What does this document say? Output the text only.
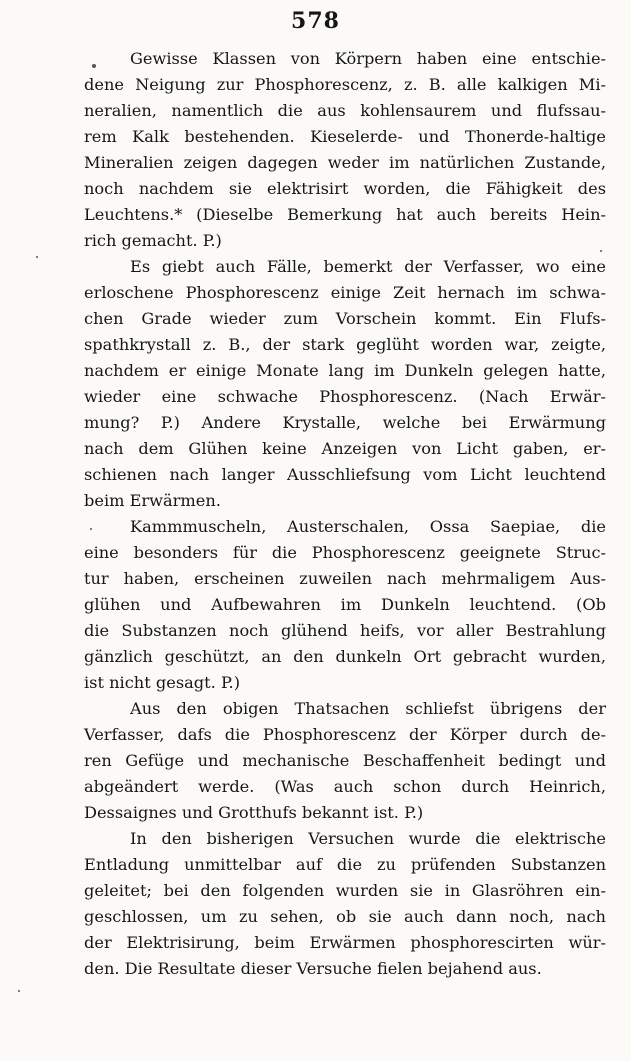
578
Gewisse Klassen von Körpern haben eine entschie-
dene Neigung zur Phosphorescenz, z. B. alle kalkigen Mi-
neralien, namentlich die aus kohlensaurem und flufssau-
rem Kalk bestehenden. Kieselerde- und Thonerde-haltige
Mineralien zeigen dagegen weder im natürlichen Zustande,
noch nachdem sie elektrisirt worden, die Fähigkeit des
Leuchtens.* (Dieselbe Bemerkung hat auch bereits Hein-
rich gemacht. P.)
Es giebt auch Fälle, bemerkt der Verfasser, wo eine
erloschene Phosphorescenz einige Zeit hernach im schwa-
chen Grade wieder zum Vorschein kommt. Ein Flufs-
spathkrystall z. B., der stark geglüht worden war, zeigte,
nachdem er einige Monate lang im Dunkeln gelegen hatte,
wieder eine schwache Phosphorescenz. (Nach Erwär-
mung? P.) Andere Krystalle, welche bei Erwärmung
nach dem Glühen keine Anzeigen von Licht gaben, er-
schienen nach langer Ausschliefsung vom Licht leuchtend
beim Erwärmen.
Kammmuscheln, Austerschalen, Ossa Saepiae, die
eine besonders für die Phosphorescenz geeignete Struc-
tur haben, erscheinen zuweilen nach mehrmaligem Aus-
glühen und Aufbewahren im Dunkeln leuchtend. (Ob
die Substanzen noch glühend heifs, vor aller Bestrahlung
gänzlich geschützt, an den dunkeln Ort gebracht wurden,
ist nicht gesagt. P.)
Aus den obigen Thatsachen schliefst übrigens der
Verfasser, dafs die Phosphorescenz der Körper durch de-
ren Gefüge und mechanische Beschaffenheit bedingt und
abgeändert werde. (Was auch schon durch Heinrich,
Dessaignes und Grotthufs bekannt ist. P.)
In den bisherigen Versuchen wurde die elektrische
Entladung unmittelbar auf die zu prüfenden Substanzen
geleitet; bei den folgenden wurden sie in Glasröhren ein-
geschlossen, um zu sehen, ob sie auch dann noch, nach
der Elektrisirung, beim Erwärmen phosphorescirten wür-
den. Die Resultate dieser Versuche fielen bejahend aus.
